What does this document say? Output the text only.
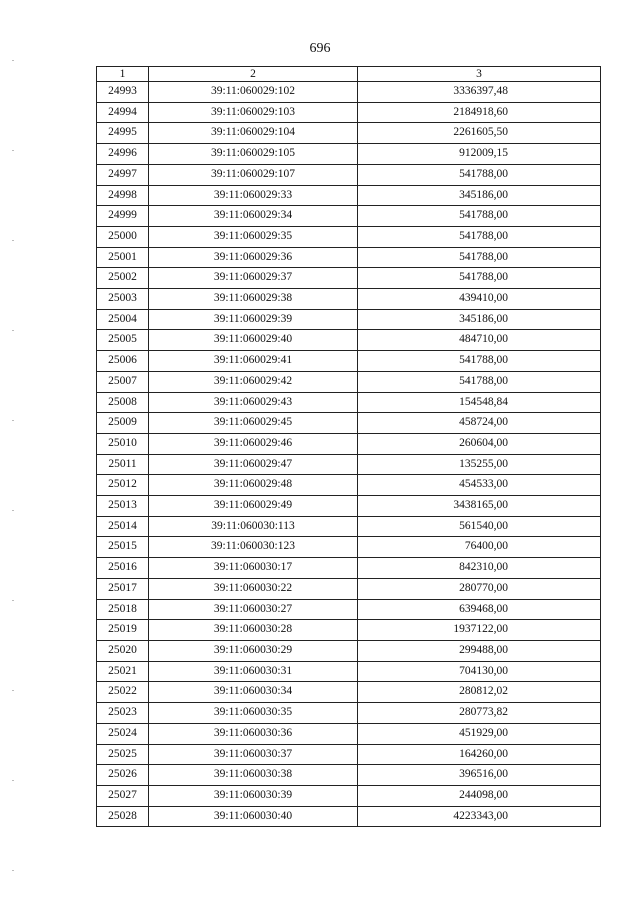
696
1	2	3
24993	39:11:060029:102	3336397,48
24994	39:11:060029:103	2184918,60
24995	39:11:060029:104	2261605,50
24996	39:11:060029:105	912009,15
24997	39:11:060029:107	541788,00
24998	39:11:060029:33	345186,00
24999	39:11:060029:34	541788,00
25000	39:11:060029:35	541788,00
25001	39:11:060029:36	541788,00
25002	39:11:060029:37	541788,00
25003	39:11:060029:38	439410,00
25004	39:11:060029:39	345186,00
25005	39:11:060029:40	484710,00
25006	39:11:060029:41	541788,00
25007	39:11:060029:42	541788,00
25008	39:11:060029:43	154548,84
25009	39:11:060029:45	458724,00
25010	39:11:060029:46	260604,00
25011	39:11:060029:47	135255,00
25012	39:11:060029:48	454533,00
25013	39:11:060029:49	3438165,00
25014	39:11:060030:113	561540,00
25015	39:11:060030:123	76400,00
25016	39:11:060030:17	842310,00
25017	39:11:060030:22	280770,00
25018	39:11:060030:27	639468,00
25019	39:11:060030:28	1937122,00
25020	39:11:060030:29	299488,00
25021	39:11:060030:31	704130,00
25022	39:11:060030:34	280812,02
25023	39:11:060030:35	280773,82
25024	39:11:060030:36	451929,00
25025	39:11:060030:37	164260,00
25026	39:11:060030:38	396516,00
25027	39:11:060030:39	244098,00
25028	39:11:060030:40	4223343,00
